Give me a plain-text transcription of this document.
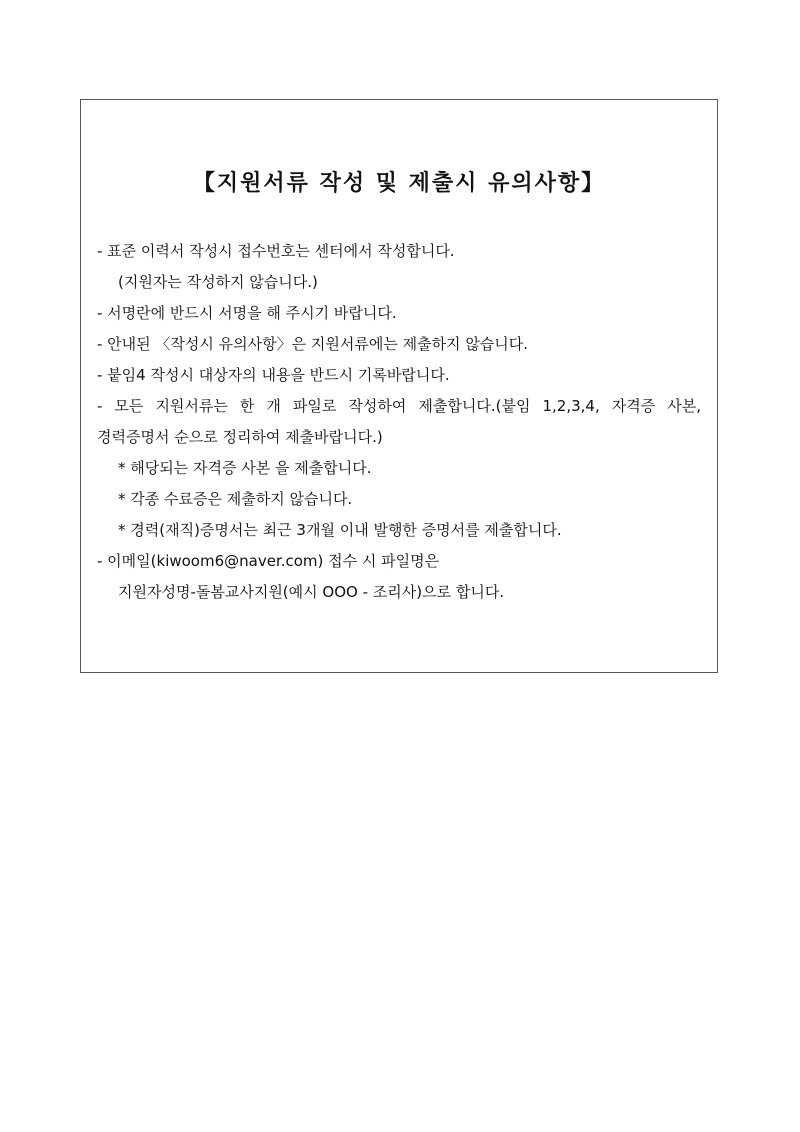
【지원서류 작성 및 제출시 유의사항】
- 표준 이력서 작성시 접수번호는 센터에서 작성합니다.
(지원자는 작성하지 않습니다.)
- 서명란에 반드시 서명을 해 주시기 바랍니다.
- 안내된 〈작성시 유의사항〉은 지원서류에는 제출하지 않습니다.
- 붙임4 작성시 대상자의 내용을 반드시 기록바랍니다.
- 모든 지원서류는 한 개 파일로 작성하여 제출합니다.(붙임 1,2,3,4, 자격증 사본,
경력증명서 순으로 정리하여 제출바랍니다.)
* 해당되는 자격증 사본 을 제출합니다.
* 각종 수료증은 제출하지 않습니다.
* 경력(재직)증명서는 최근 3개월 이내 발행한 증명서를 제출합니다.
- 이메일(kiwoom6@naver.com) 접수 시 파일명은
지원자성명-돌봄교사지원(예시 OOO - 조리사)으로 합니다.
